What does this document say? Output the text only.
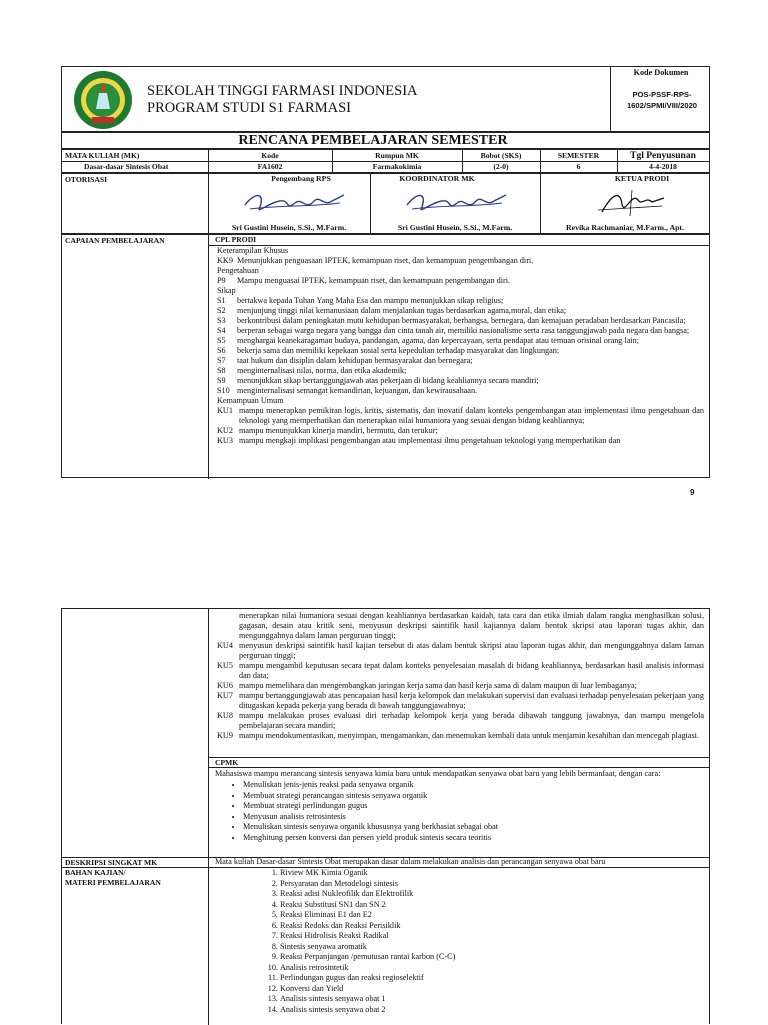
SEKOLAH TINGGI FARMASI INDONESIA
PROGRAM STUDI S1 FARMASI
Kode Dokumen
POS-PSSF-RPS-1602/SPMI/VIII/2020
RENCANA PEMBELAJARAN SEMESTER
MATA KULIAH (MK)	Kode	Rumpun MK	Bobot (SKS)	SEMESTER	Tgl Penyusunan
Dasar-dasar Sintesis Obat	FA1602	Farmakokimia	(2-0)	6	4-4-2018
OTORISASI	Pengembang RPS	KOORDINATOR MK	KETUA PRODI
Sri Gustini Husein, S.Si., M.Farm.	Sri Gustini Husein, S.Si., M.Farm.	Revika Rachmaniar, M.Farm., Apt.
CAPAIAN PEMBELAJARAN	CPL PRODI
Keterampilan Khusus
KK9 Menunjukkan penguasaan IPTEK, kemampuan riset, dan kemampuan pengembangan diri.
Pengetahuan
P9	Mampu menguasai IPTEK, kemampuan riset, dan kemampuan pengembangan diri.
Sikap
S1	bertakwa kepada Tuhan Yang Maha Esa dan mampu menunjukkan sikap religius;
S2	menjunjung tinggi nilai kemanusiaan dalam menjalankan tugas berdasarkan agama,moral, dan etika;
S3	berkontribusi dalam peningkatan mutu kehidupan bermasyarakat, berbangsa, bernegara, dan kemajuan peradaban berdasarkan Pancasila;
S4	berperan sebagai warga negara yang bangga dan cinta tanah air, memiliki nasionalisme serta rasa tanggungjawab pada negara dan bangsa;
S5	menghargai keanekaragaman budaya, pandangan, agama, dan kepercayaan, serta pendapat atau temuan orisinal orang lain;
S6	bekerja sama dan memiliki kepekaan sosial serta kepedulian terhadap masyarakat dan lingkungan;
S7	taat hukum dan disiplin dalam kehidupan bermasyarakat dan bernegara;
S8	menginternalisasi nilai, norma, dan etika akademik;
S9	menunjukkan sikap bertanggungjawab atas pekerjaan di bidang keahliannya secara mandiri;
S10 menginternalisasi semangat kemandirian, kejuangan, dan kewirausahaan.
Kemampuan Umum
KU1 mampu menerapkan pemikiran logis, kritis, sistematis, dan inovatif dalam konteks pengembangan atau implementasi ilmu pengetahuan dan teknologi yang memperhatikan dan menerapkan nilai humaniora yang sesuai dengan bidang keahliannya;
KU2 mampu menunjukkan kinerja mandiri, bermutu, dan terukur;
KU3 mampu mengkaji implikasi pengembangan atau implementasi ilmu pengetahuan teknologi yang memperhatikan dan
9
menerapkan nilai humaniora sesuai dengan keahliannya berdasarkan kaidah, tata cara dan etika ilmiah dalam rangka menghasilkan solusi, gagasan, desain atau kritik seni, menyusun deskripsi saintifik hasil kajiannya dalam bentuk skripsi atau laporan tugas akhir, dan mengunggahnya dalam laman perguruan tinggi;
KU4 menyusun deskripsi saintifik hasil kajian tersebut di atas dalam bentuk skripsi atau laporan tugas akhir, dan mengunggahnya dalam laman perguruan tinggi;
KU5 mampu mengambil keputusan secara tepat dalam konteks penyelesaian masalah di bidang keahliannya, berdasarkan hasil analisis informasi dan data;
KU6 mampu memelihara dan mengembangkan jaringan kerja sama dan hasil kerja sama di dalam maupun di luar lembaganya;
KU7 mampu bertanggungjawab atas pencapaian hasil kerja kelompok dan melakukan supervisi dan evaluasi terhadap penyelesaian pekerjaan yang ditugaskan kepada pekerja yang berada di bawah tanggungjawabnya;
KU8 mampu melakukan proses evaluasi diri terhadap kelompok kerja yang berada dibawah tanggung jawabnya, dan mampu mengelola pembelajaran secara mandiri;
KU9 mampu mendokumentasikan, menyimpan, mengamankan, dan menemukan kembali data untuk menjamin kesahihan dan mencegah plagiasi.
CPMK
Mahasiswa mampu merancang sintesis senyawa kimia baru untuk mendapatkan senyawa obat baru yang lebih bermanfaat, dengan cara:
• Menuliskan jenis-jenis reaksi pada senyawa organik
• Membuat strategi perancangan sintesis senyawa organik
• Membuat strategi perlindungan gugus
• Menyusun analisis retrosintesis
• Menuliskan sintesis senyawa organik khususnya yang berkhasiat sebagai obat
• Menghitung persen konversi dan persen yield produk sintesis secara teoritis
DESKRIPSI SINGKAT MK	Mata kuliah Dasar-dasar Sintesis Obat merupakan dasar dalam melakukan analisis dan perancangan senyawa obat baru
BAHAN KAJIAN/
MATERI PEMBELAJARAN
1. Riview MK Kimia Oganik
2. Persyaratan dan Metodelogi sintesis
3. Reaksi adisi Nukleofilik dan Elektrofilik
4. Reaksi Substitusi SN1 dan SN 2
5. Reaksi Eliminasi E1 dan E2
6. Reaksi Redoks dan Reaksi Perisiklik
7. Reaksi Hidrolisis Reaksi Radikal
8. Sintesis senyawa aromatik
9. Reaksi Perpanjangan /pemutusan rantai karbon (C-C)
10. Analisis retrosintetik
11. Perlindungan gugus dan reaksi regioselektif
12. Konversi dan Yield
13. Analisis sintesis senyawa obat 1
14. Analisis sintesis senyawa obat 2
